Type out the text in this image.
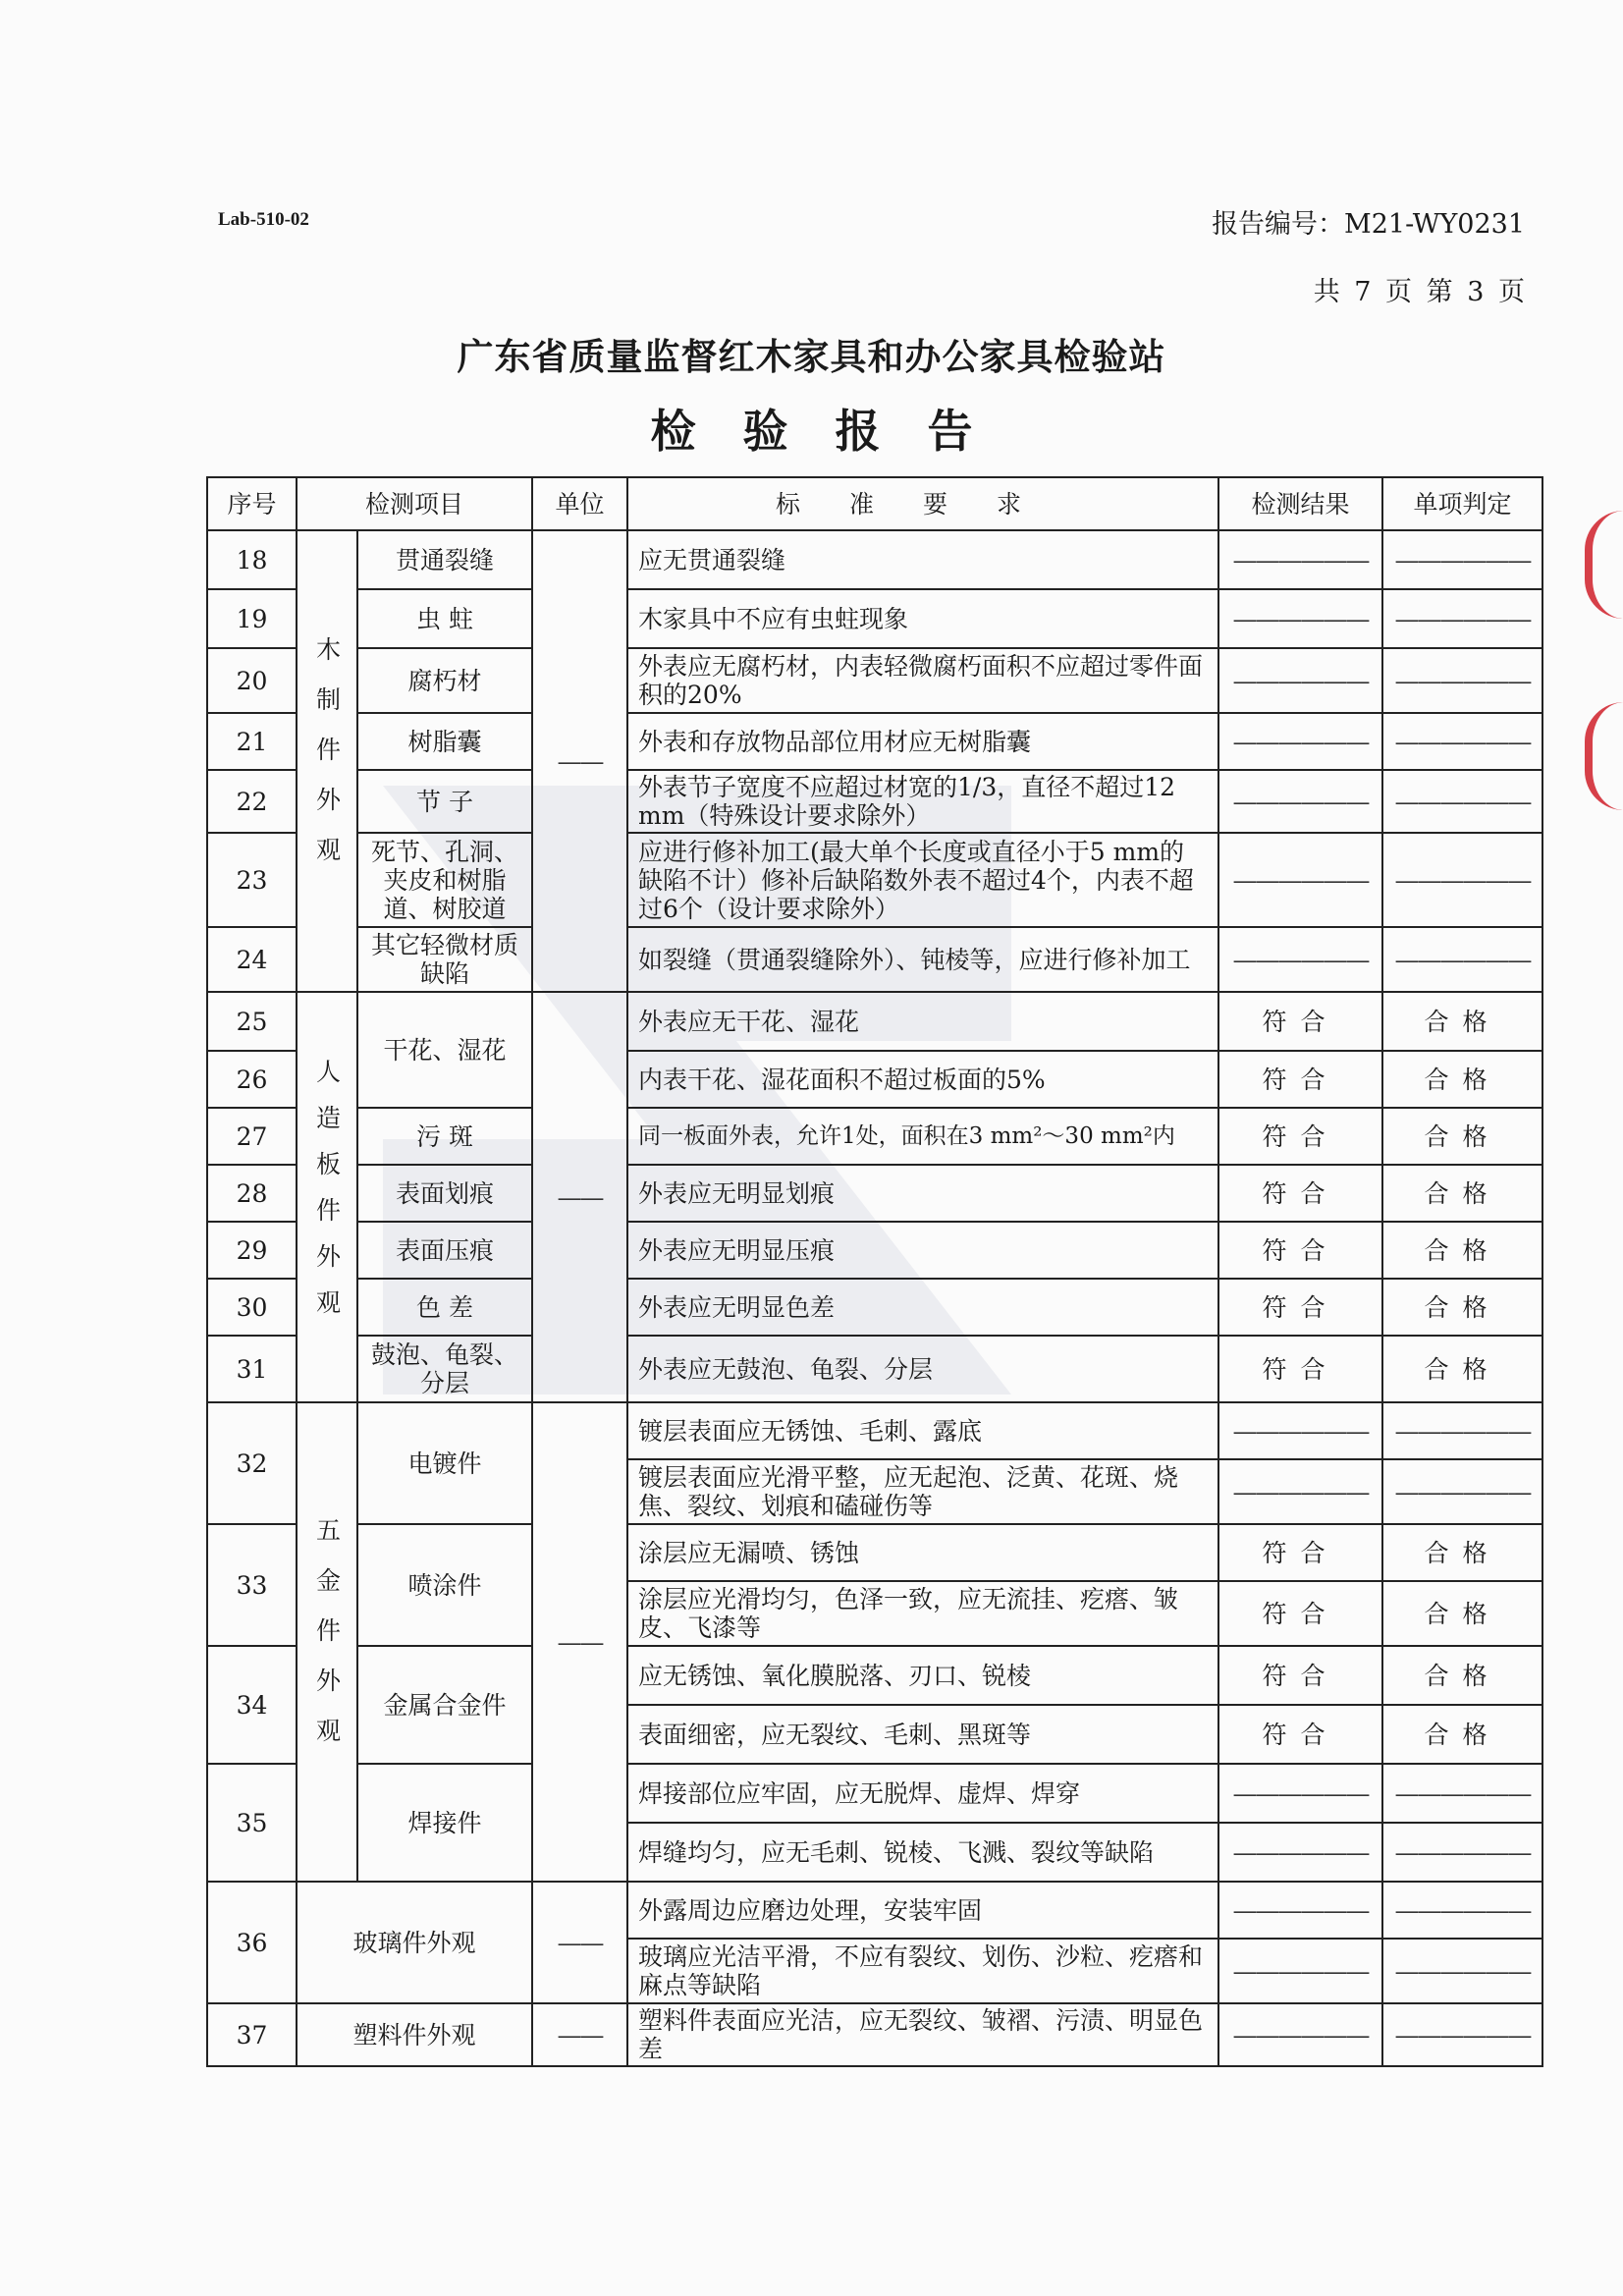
Lab-510-02	报告编号：M21-WY0231
共 7 页 第 3 页
广东省质量监督红木家具和办公家具检验站
检验报告
序号	检测项目		单位	标准要求	检测结果	单项判定
18	木制件外观	贯通裂缝	——	应无贯通裂缝	——————	——————
19		虫 蛀		木家具中不应有虫蛀现象	——————	——————
20		腐朽材		外表应无腐朽材，内表轻微腐朽面积不应超过零件面积的20%	——————	——————
21		树脂囊		外表和存放物品部位用材应无树脂囊	——————	——————
22		节 子		外表节子宽度不应超过材宽的1/3，直径不超过12 mm（特殊设计要求除外）	——————	——————
23		死节、孔洞、夹皮和树脂道、树胶道		应进行修补加工(最大单个长度或直径小于5 mm的缺陷不计）修补后缺陷数外表不超过4个，内表不超过6个（设计要求除外）	——————	——————
24		其它轻微材质缺陷		如裂缝（贯通裂缝除外）、钝棱等，应进行修补加工	——————	——————
25	人造板件外观	干花、湿花	——	外表应无干花、湿花	符合	合格
26				内表干花、湿花面积不超过板面的5%	符合	合格
27		污 斑		同一板面外表，允许1处，面积在3 mm²～30 mm²内	符合	合格
28		表面划痕		外表应无明显划痕	符合	合格
29		表面压痕		外表应无明显压痕	符合	合格
30		色 差		外表应无明显色差	符合	合格
31		鼓泡、龟裂、分层		外表应无鼓泡、龟裂、分层	符合	合格
32	五金件外观	电镀件	——	镀层表面应无锈蚀、毛刺、露底	——————	——————
				镀层表面应光滑平整，应无起泡、泛黄、花斑、烧焦、裂纹、划痕和磕碰伤等	——————	——————
33		喷涂件		涂层应无漏喷、锈蚀	符合	合格
				涂层应光滑均匀，色泽一致，应无流挂、疙瘩、皱皮、飞漆等	符合	合格
34		金属合金件		应无锈蚀、氧化膜脱落、刃口、锐棱	符合	合格
				表面细密，应无裂纹、毛刺、黑斑等	符合	合格
35		焊接件		焊接部位应牢固，应无脱焊、虚焊、焊穿	——————	——————
				焊缝均匀，应无毛刺、锐棱、飞溅、裂纹等缺陷	——————	——————
36	玻璃件外观		——	外露周边应磨边处理，安装牢固	——————	——————
				玻璃应光洁平滑，不应有裂纹、划伤、沙粒、疙瘩和麻点等缺陷	——————	——————
37	塑料件外观		——	塑料件表面应光洁，应无裂纹、皱褶、污渍、明显色差	——————	——————
